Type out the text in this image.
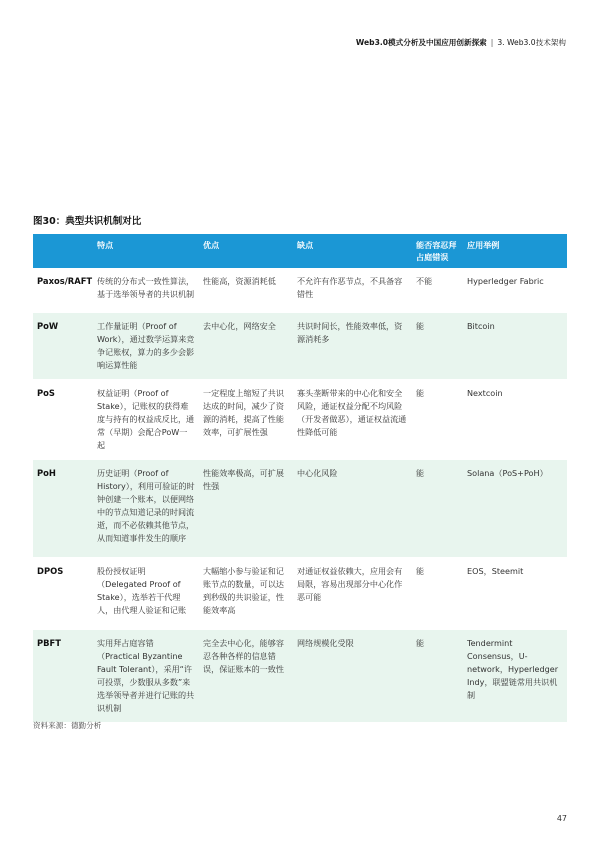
Web3.0模式分析及中国应用创新探索 | 3. Web3.0技术架构
图30：典型共识机制对比
	特点	优点	缺点	能否容忍拜占庭错误	应用举例
Paxos/RAFT	传统的分布式一致性算法，基于选举领导者的共识机制	性能高，资源消耗低	不允许有作恶节点，不具备容错性	不能	Hyperledger Fabric
PoW	工作量证明（Proof of Work），通过数学运算来竞争记账权，算力的多少会影响运算性能	去中心化，网络安全	共识时间长，性能效率低，资源消耗多	能	Bitcoin
PoS	权益证明（Proof of Stake），记账权的获得难度与持有的权益成反比，通常（早期）会配合PoW一起	一定程度上缩短了共识达成的时间，减少了资源的消耗，提高了性能效率，可扩展性强	寡头垄断带来的中心化和安全风险，通证权益分配不均风险（开发者做恶），通证权益流通性降低可能	能	Nextcoin
PoH	历史证明（Proof of History），利用可验证的时钟创建一个账本，以便网络中的节点知道记录的时间流逝，而不必依赖其他节点，从而知道事件发生的顺序	性能效率极高，可扩展性强	中心化风险	能	Solana（PoS+PoH）
DPOS	股份授权证明（Delegated Proof of Stake），选举若干代理人，由代理人验证和记账	大幅缩小参与验证和记账节点的数量，可以达到秒级的共识验证，性能效率高	对通证权益依赖大，应用会有局限，容易出现部分中心化作恶可能	能	EOS，Steemit
PBFT	实用拜占庭容错（Practical Byzantine Fault Tolerant），采用“许可投票，少数服从多数”来选举领导者并进行记账的共识机制	完全去中心化，能够容忍各种各样的信息错误，保证账本的一致性	网络规模化受限	能	Tendermint Consensus，U-network，Hyperledger Indy，联盟链常用共识机制
资料来源：德勤分析
47
